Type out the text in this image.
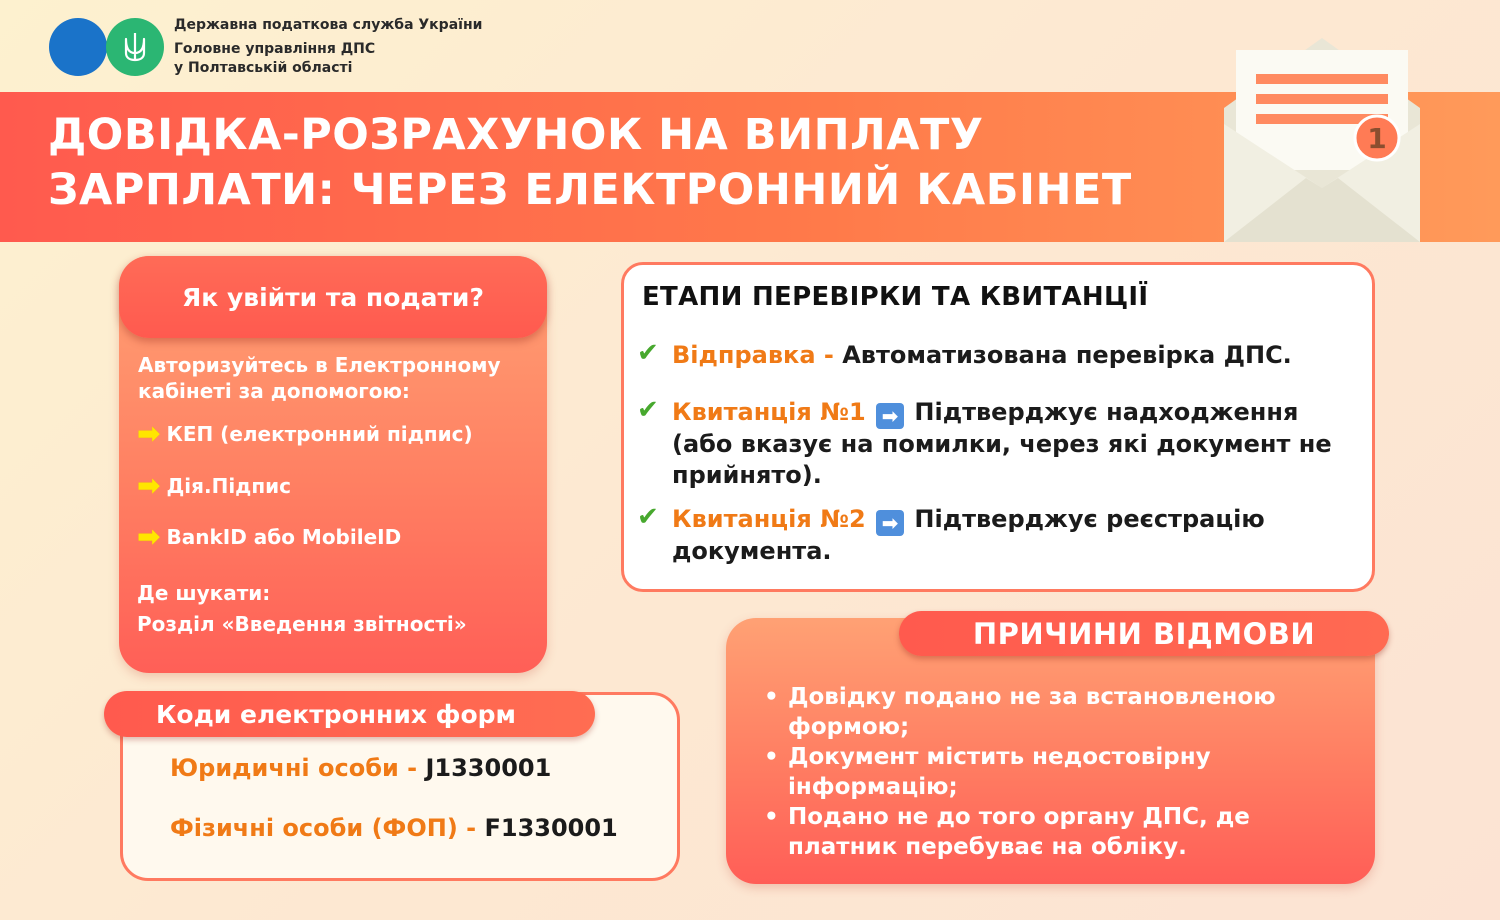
Державна податкова служба України
Головне управління ДПС
у Полтавській області
ДОВІДКА-РОЗРАХУНОК НА ВИПЛАТУ
ЗАРПЛАТИ: ЧЕРЕЗ ЕЛЕКТРОННИЙ КАБІНЕТ
1
Як увійти та подати?
Авторизуйтесь в Електронному кабінеті за допомогою:
➡ КЕП (електронний підпис)
➡ Дія.Підпис
➡ BankID або MobileID
Де шукати:
Розділ «Введення звітності»
Коди електронних форм
Юридичні особи - J1330001
Фізичні особи (ФОП) - F1330001
ЕТАПИ ПЕРЕВІРКИ ТА КВИТАНЦІЇ
✔ Відправка - Автоматизована перевірка ДПС.
✔ Квитанція №1 ➡ Підтверджує надходження (або вказує на помилки, через які документ не прийнято).
✔ Квитанція №2 ➡ Підтверджує реєстрацію документа.
ПРИЧИНИ ВІДМОВИ
• Довідку подано не за встановленою формою;
• Документ містить недостовірну інформацію;
• Подано не до того органу ДПС, де платник перебуває на обліку.
